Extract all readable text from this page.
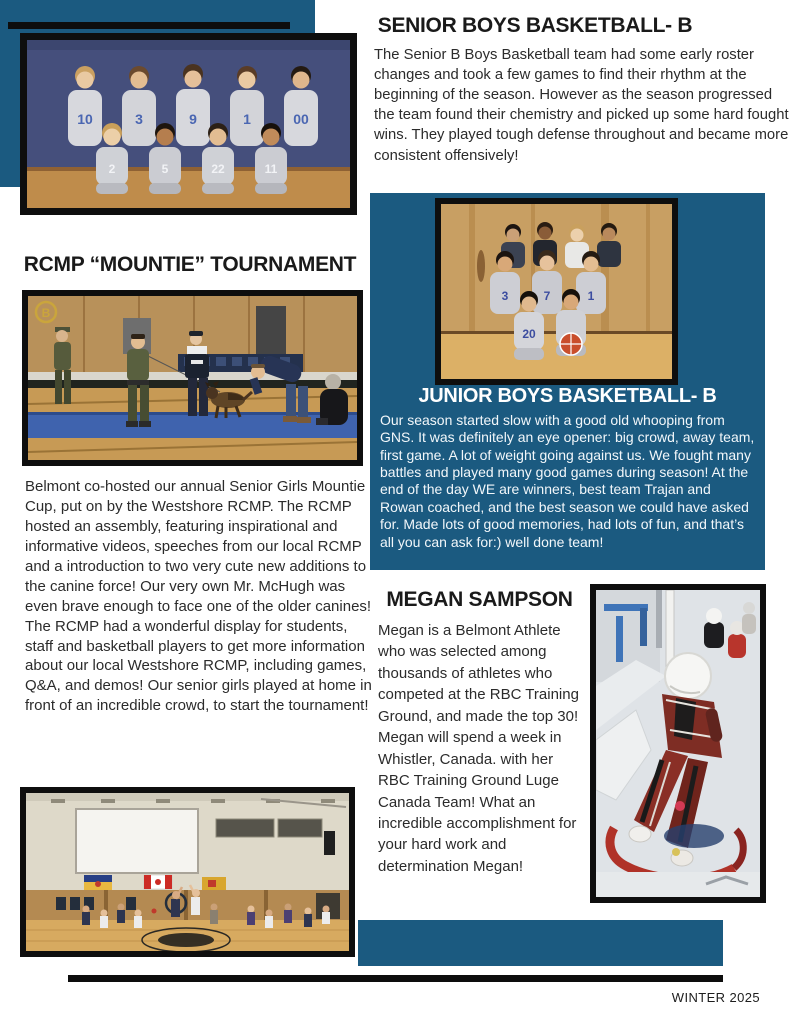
10	3	9	1	00
2	5	22	11
SENIOR BOYS BASKETBALL- B

The Senior B Boys Basketball team had some early roster changes and took a few games to find their rhythm at the beginning of the season. However as the season progressed the team found their chemistry and picked up some hard fought wins. They played tough defense throughout and became more consistent offensively!

RCMP “MOUNTIE” TOURNAMENT
B

Belmont co-hosted our annual Senior Girls Mountie Cup, put on by the Westshore RCMP. The RCMP hosted an assembly, featuring inspirational and informative videos, speeches from our local RCMP and a introduction to two very cute new additions to the canine force! Our very own Mr. McHugh was even brave enough to face one of the older canines! The RCMP had a wonderful display for students, staff and basketball players to get more information about our local Westshore RCMP, including games, Q&A, and demos! Our senior girls played at home in front of an incredible crowd, to start the tournament!

3	7	1
20
JUNIOR BOYS BASKETBALL- B

Our season started slow with a good old whooping from GNS. It was definitely an eye opener: big crowd, away team, first game. A lot of weight going against us. We fought many battles and played many good games during season! At the end of the day WE are winners, best team Trajan and Rowan coached, and the best season we could have asked for. Made lots of good memories, had lots of fun, and that’s all you can ask for:) well done team!

MEGAN SAMPSON

Megan is a Belmont Athlete who was selected among thousands of athletes who competed at the RBC Training Ground, and made the top 30! Megan will spend a week in Whistler, Canada. with her RBC Training Ground Luge Canada Team! What an incredible accomplishment for your hard work and determination Megan!

WINTER 2025
